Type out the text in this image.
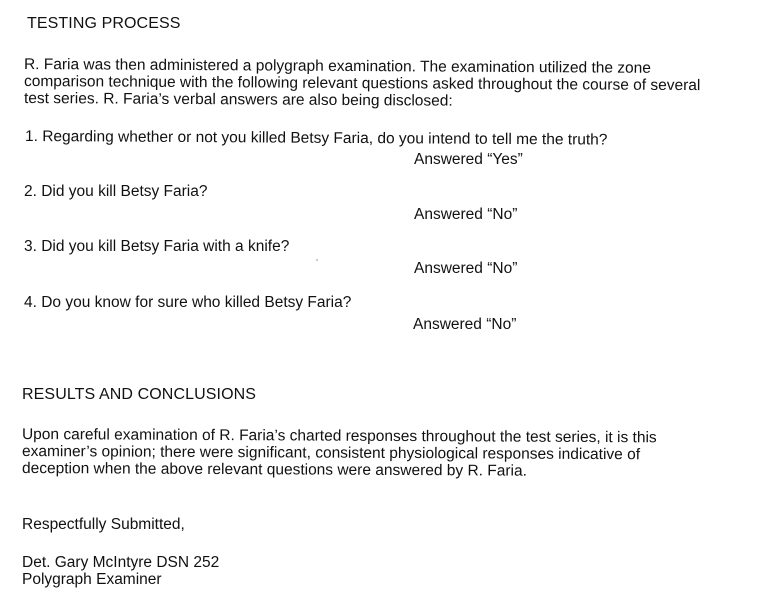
TESTING PROCESS
R. Faria was then administered a polygraph examination. The examination utilized the zone
comparison technique with the following relevant questions asked throughout the course of several
test series. R. Faria’s verbal answers are also being disclosed:
1. Regarding whether or not you killed Betsy Faria, do you intend to tell me the truth?
Answered “Yes”
2. Did you kill Betsy Faria?
Answered “No”
3. Did you kill Betsy Faria with a knife?
Answered “No”
4. Do you know for sure who killed Betsy Faria?
Answered “No”
RESULTS AND CONCLUSIONS
Upon careful examination of R. Faria’s charted responses throughout the test series, it is this
examiner’s opinion; there were significant, consistent physiological responses indicative of
deception when the above relevant questions were answered by R. Faria.
Respectfully Submitted,
Det. Gary McIntyre DSN 252
Polygraph Examiner
